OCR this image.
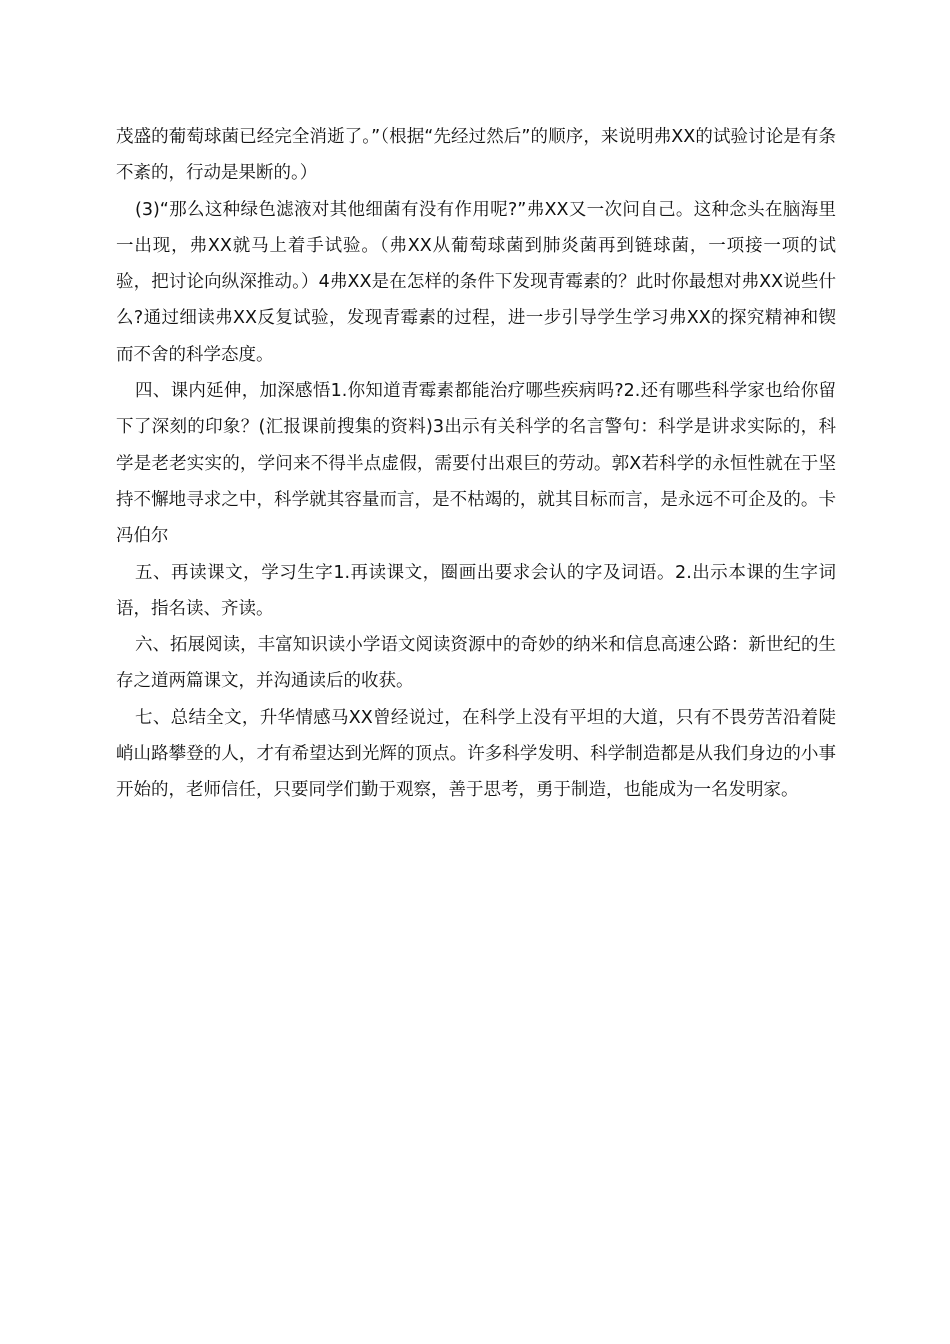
茂盛的葡萄球菌已经完全消逝了。”（根据“先经过然后”的顺序，来说明弗XX的试验讨论是有条不紊的，行动是果断的。）

(3)“那么这种绿色滤液对其他细菌有没有作用呢?”弗XX又一次问自己。这种念头在脑海里一出现，弗XX就马上着手试验。（弗XX从葡萄球菌到肺炎菌再到链球菌，一项接一项的试验，把讨论向纵深推动。）4弗XX是在怎样的条件下发现青霉素的？此时你最想对弗XX说些什么?通过细读弗XX反复试验，发现青霉素的过程，进一步引导学生学习弗XX的探究精神和锲而不舍的科学态度。

四、课内延伸，加深感悟1.你知道青霉素都能治疗哪些疾病吗?2.还有哪些科学家也给你留下了深刻的印象？(汇报课前搜集的资料)3出示有关科学的名言警句：科学是讲求实际的，科学是老老实实的，学问来不得半点虚假，需要付出艰巨的劳动。郭X若科学的永恒性就在于坚持不懈地寻求之中，科学就其容量而言，是不枯竭的，就其目标而言，是永远不可企及的。卡冯伯尔

五、再读课文，学习生字1.再读课文，圈画出要求会认的字及词语。2.出示本课的生字词语，指名读、齐读。

六、拓展阅读，丰富知识读小学语文阅读资源中的奇妙的纳米和信息高速公路：新世纪的生存之道两篇课文，并沟通读后的收获。

七、总结全文，升华情感马XX曾经说过，在科学上没有平坦的大道，只有不畏劳苦沿着陡峭山路攀登的人，才有希望达到光辉的顶点。许多科学发明、科学制造都是从我们身边的小事开始的，老师信任，只要同学们勤于观察，善于思考，勇于制造，也能成为一名发明家。
